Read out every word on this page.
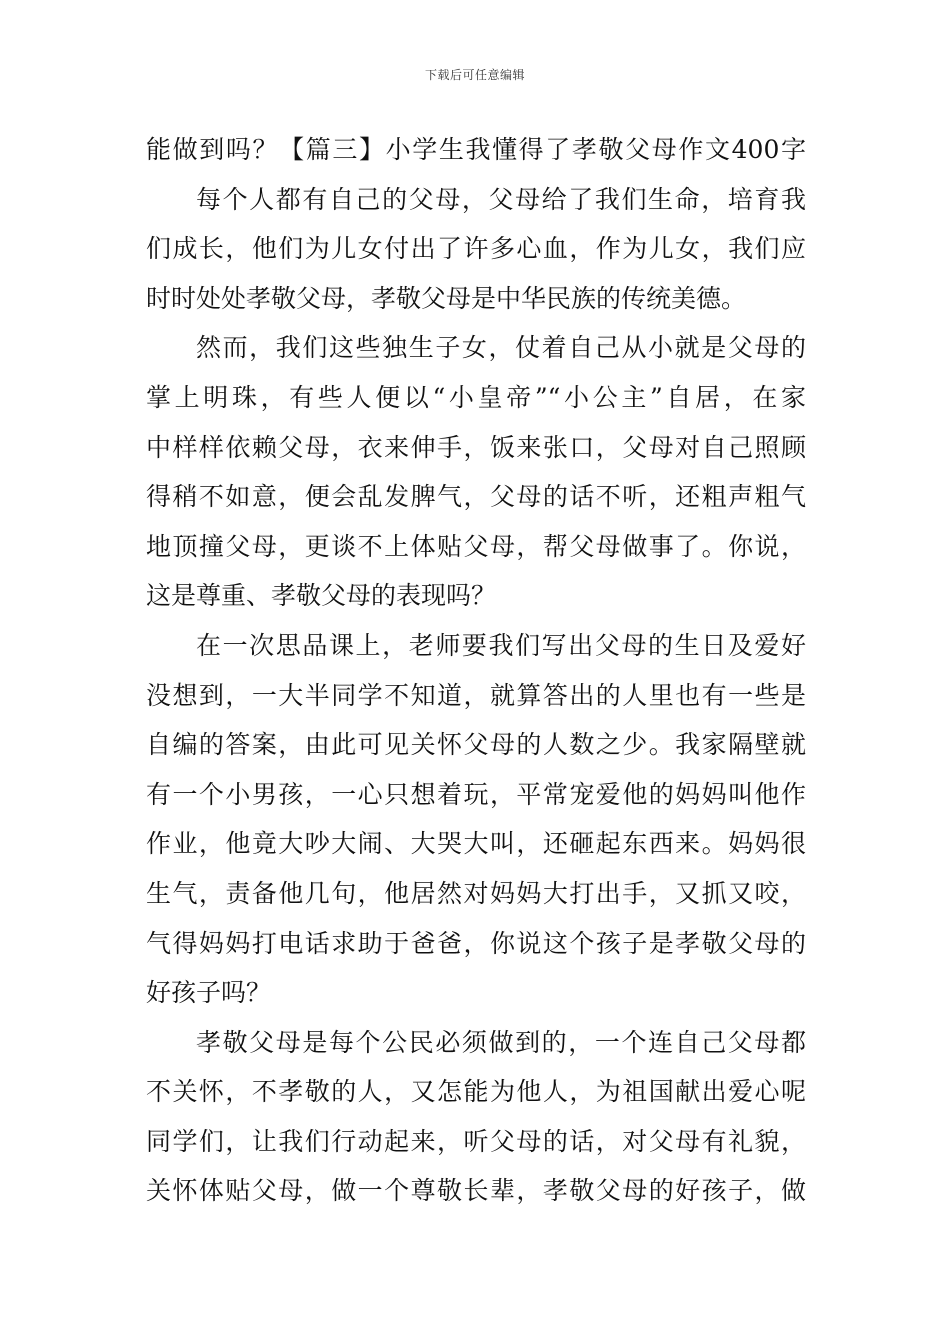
下载后可任意编辑
能做到吗？【篇三】小学生我懂得了孝敬父母作文400字
每个人都有自己的父母，父母给了我们生命，培育我
们成长，他们为儿女付出了许多心血，作为儿女，我们应
时时处处孝敬父母，孝敬父母是中华民族的传统美德。
然而，我们这些独生子女，仗着自己从小就是父母的
掌上明珠，有些人便以“小皇帝”“小公主”自居，在家
中样样依赖父母，衣来伸手，饭来张口，父母对自己照顾
得稍不如意，便会乱发脾气，父母的话不听，还粗声粗气
地顶撞父母，更谈不上体贴父母，帮父母做事了。你说，
这是尊重、孝敬父母的表现吗？
在一次思品课上，老师要我们写出父母的生日及爱好
没想到，一大半同学不知道，就算答出的人里也有一些是
自编的答案，由此可见关怀父母的人数之少。我家隔壁就
有一个小男孩，一心只想着玩，平常宠爱他的妈妈叫他作
作业，他竟大吵大闹、大哭大叫，还砸起东西来。妈妈很
生气，责备他几句，他居然对妈妈大打出手，又抓又咬，
气得妈妈打电话求助于爸爸，你说这个孩子是孝敬父母的
好孩子吗？
孝敬父母是每个公民必须做到的，一个连自己父母都
不关怀，不孝敬的人，又怎能为他人，为祖国献出爱心呢
同学们，让我们行动起来，听父母的话，对父母有礼貌，
关怀体贴父母，做一个尊敬长辈，孝敬父母的好孩子，做
